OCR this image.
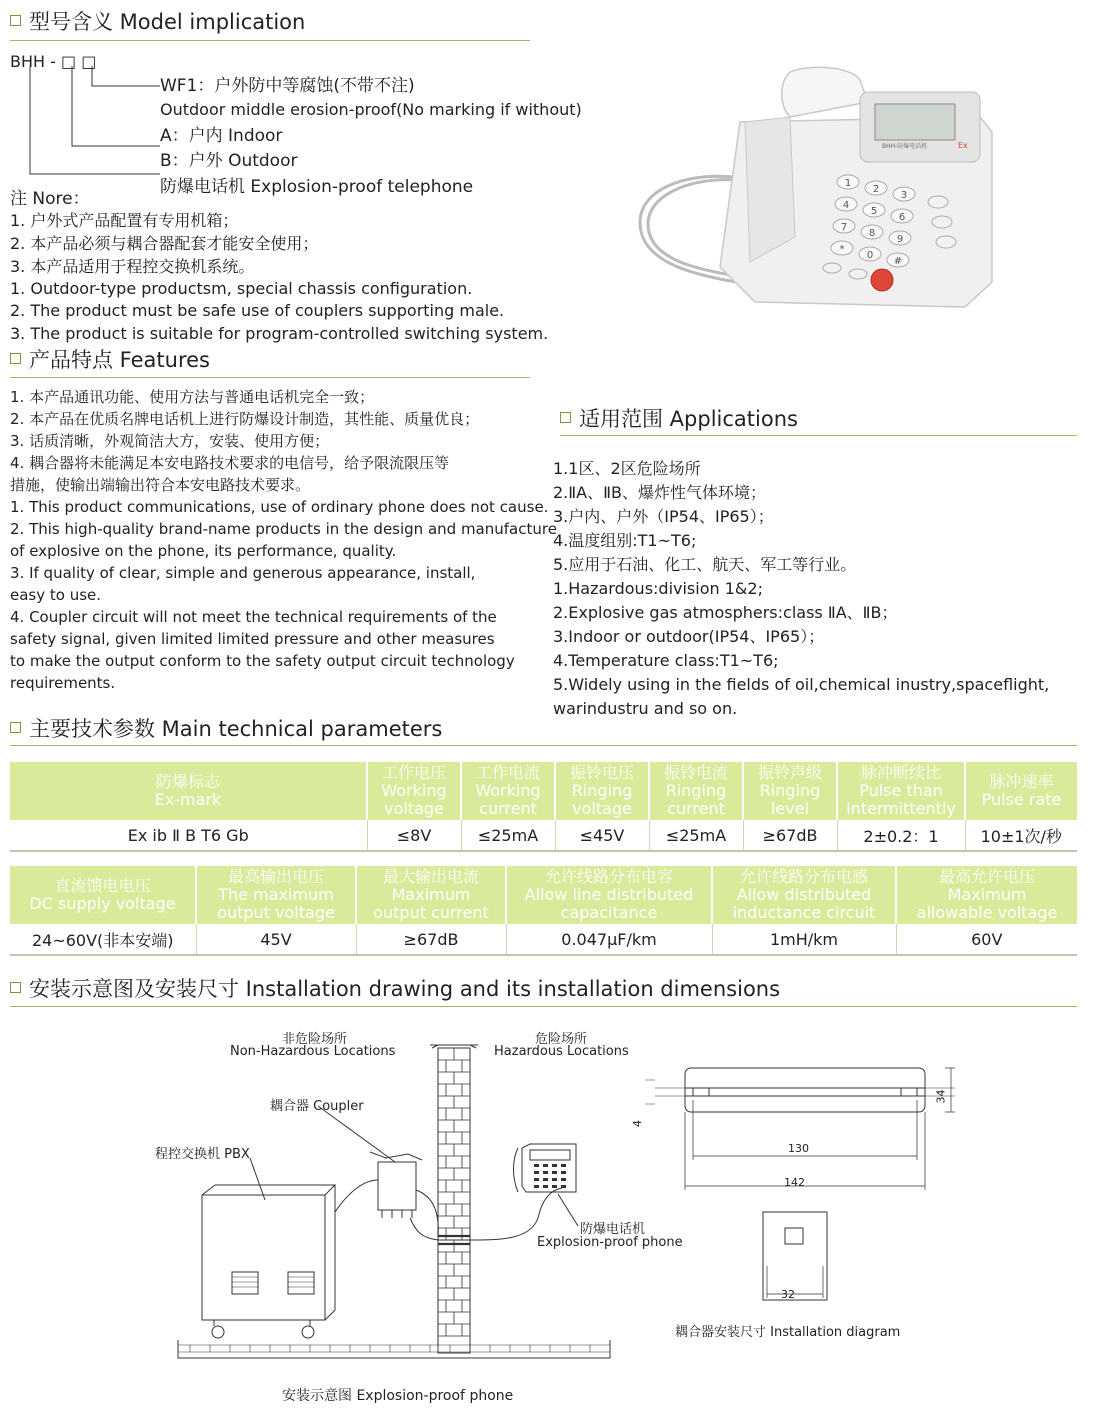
型号含义 Model implication
BHH - □ □
WF1：户外防中等腐蚀(不带不注)
Outdoor middle erosion-proof(No marking if without)
A：户内 Indoor
B：户外 Outdoor
防爆电话机 Explosion-proof telephone
注 Nore：
1. 户外式产品配置有专用机箱；
2. 本产品必须与耦合器配套才能安全使用；
3. 本产品适用于程控交换机系统。
1. Outdoor-type productsm, special chassis configuration.
2. The product must be safe use of couplers supporting male.
3. The product is suitable for program-controlled switching system.
BHH-防爆电话机	Ex
1
2
3
4
5
6
7
8
9
*
0
#
产品特点 Features
1. 本产品通讯功能、使用方法与普通电话机完全一致；
2. 本产品在优质名牌电话机上进行防爆设计制造，其性能、质量优良；
3. 话质清晰，外观简洁大方，安装、使用方便；
4. 耦合器将未能满足本安电路技术要求的电信号，给予限流限压等
措施，使输出端输出符合本安电路技术要求。
1. This product communications, use of ordinary phone does not cause.
2. This high-quality brand-name products in the design and manufacture
of explosive on the phone, its performance, quality.
3. If quality of clear, simple and generous appearance, install,
easy to use.
4. Coupler circuit will not meet the technical requirements of the
safety signal, given limited limited pressure and other measures
to make the output conform to the safety output circuit technology
requirements.
适用范围 Applications
1.1区、2区危险场所
2.ⅡA、ⅡB、爆炸性气体环境；
3.户内、户外（IP54、IP65）；
4.温度组别:T1~T6;
5.应用于石油、化工、航天、军工等行业。
1.Hazardous:division 1&2;
2.Explosive gas atmosphers:class ⅡA、ⅡB；
3.Indoor or outdoor(IP54、IP65）；
4.Temperature class:T1~T6;
5.Widely using in the fields of oil,chemical inustry,spaceflight,
warindustru and so on.
主要技术参数 Main technical parameters
防爆标志
Ex-mark	工作电压
Working
voltage	工作电流
Working
current	振铃电压
Ringing
voltage	振铃电流
Ringing
current	振铃声级
Ringing
level	脉冲断续比
Pulse than
intermittently	脉冲速率
Pulse rate

Ex ib Ⅱ B T6 Gb	≤8V	≤25mA	≤45V	≤25mA	≥67dB	2±0.2：1	10±1次/秒
直流馈电电压
DC supply voltage	最高输出电压
The maximum
output voltage	最大输出电流
Maximum
output current	允许线路分布电容
Allow line distributed
capacitance	允许线路分布电感
Allow distributed
inductance circuit	最高允许电压
Maximum
allowable voltage

24~60V(非本安端)	45V	≥67dB	0.047μF/km	1mH/km	60V
安装示意图及安装尺寸 Installation drawing and its installation dimensions
非危险场所
Non-Hazardous Locations
危险场所
Hazardous Locations
耦合器 Coupler
程控交换机 PBX
防爆电话机
Explosion-proof phone
安装示意图 Explosion-proof phone
34
4
130
142
32
耦合器安装尺寸 Installation diagram
